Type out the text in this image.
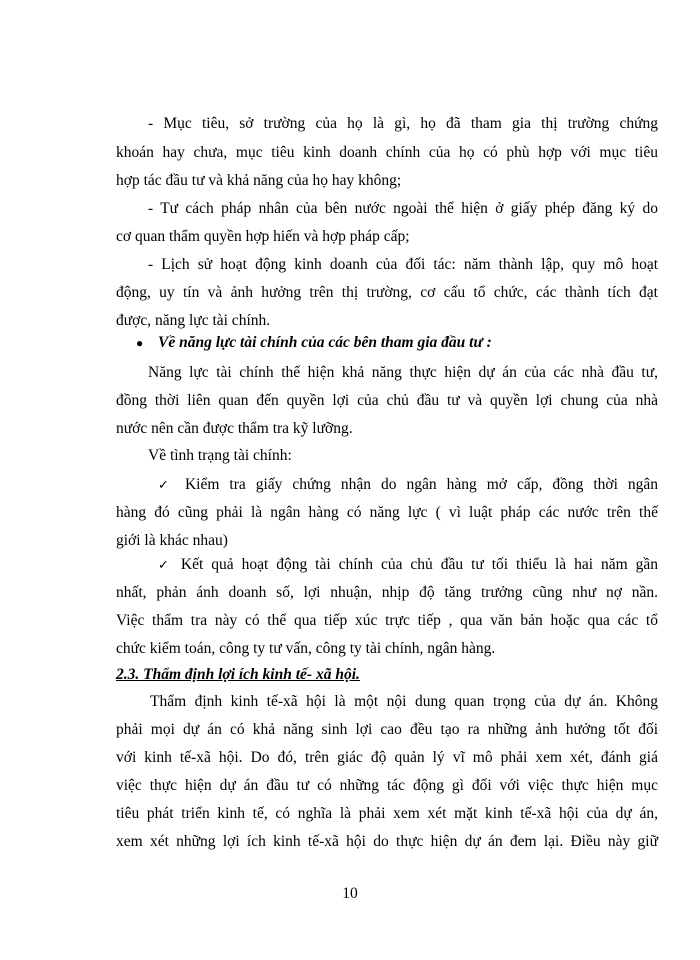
- Mục tiêu, sở trường của họ là gì, họ đã tham gia thị trường chứng
khoán hay chưa, mục tiêu kinh doanh chính của họ có phù hợp với mục tiêu
hợp tác đầu tư và khả năng của họ hay không;
- Tư cách pháp nhân của bên nước ngoài thể hiện ở giấy phép đăng ký do
cơ quan thẩm quyền hợp hiến và hợp pháp cấp;
- Lịch sử hoạt động kinh doanh của đối tác: năm thành lập, quy mô hoạt
động, uy tín và ảnh hưởng trên thị trường, cơ cấu tổ chức, các thành tích đạt
được, năng lực tài chính.
● Về năng lực tài chính của các bên tham gia đầu tư :
Năng lực tài chính thể hiện khả năng thực hiện dự án của các nhà đầu tư,
đồng thời liên quan đến quyền lợi của chủ đầu tư và quyền lợi chung của nhà
nước nên cần được thẩm tra kỹ lưỡng.
Về tình trạng tài chính:
✓ Kiểm tra giấy chứng nhận do ngân hàng mở cấp, đồng thời ngân
hàng đó cũng phải là ngân hàng có năng lực ( vì luật pháp các nước trên thế
giới là khác nhau)
✓ Kết quả hoạt động tài chính của chủ đầu tư tối thiểu là hai năm gần
nhất, phản ánh doanh số, lợi nhuận, nhịp độ tăng trưởng cũng như nợ nần.
Việc thẩm tra này có thể qua tiếp xúc trực tiếp , qua văn bản hoặc qua các tổ
chức kiểm toán, công ty tư vấn, công ty tài chính, ngân hàng.
2.3. Thẩm định lợi ích kinh tế- xã hội.
Thẩm định kinh tế-xã hội là một nội dung quan trọng của dự án. Không
phải mọi dự án có khả năng sinh lợi cao đều tạo ra những ảnh hưởng tốt đối
với kinh tế-xã hội. Do đó, trên giác độ quản lý vĩ mô phải xem xét, đánh giá
việc thực hiện dự án đầu tư có những tác động gì đối với việc thực hiện mục
tiêu phát triển kinh tế, có nghĩa là phải xem xét mặt kinh tế-xã hội của dự án,
xem xét những lợi ích kinh tế-xã hội do thực hiện dự án đem lại. Điều này giữ
10
